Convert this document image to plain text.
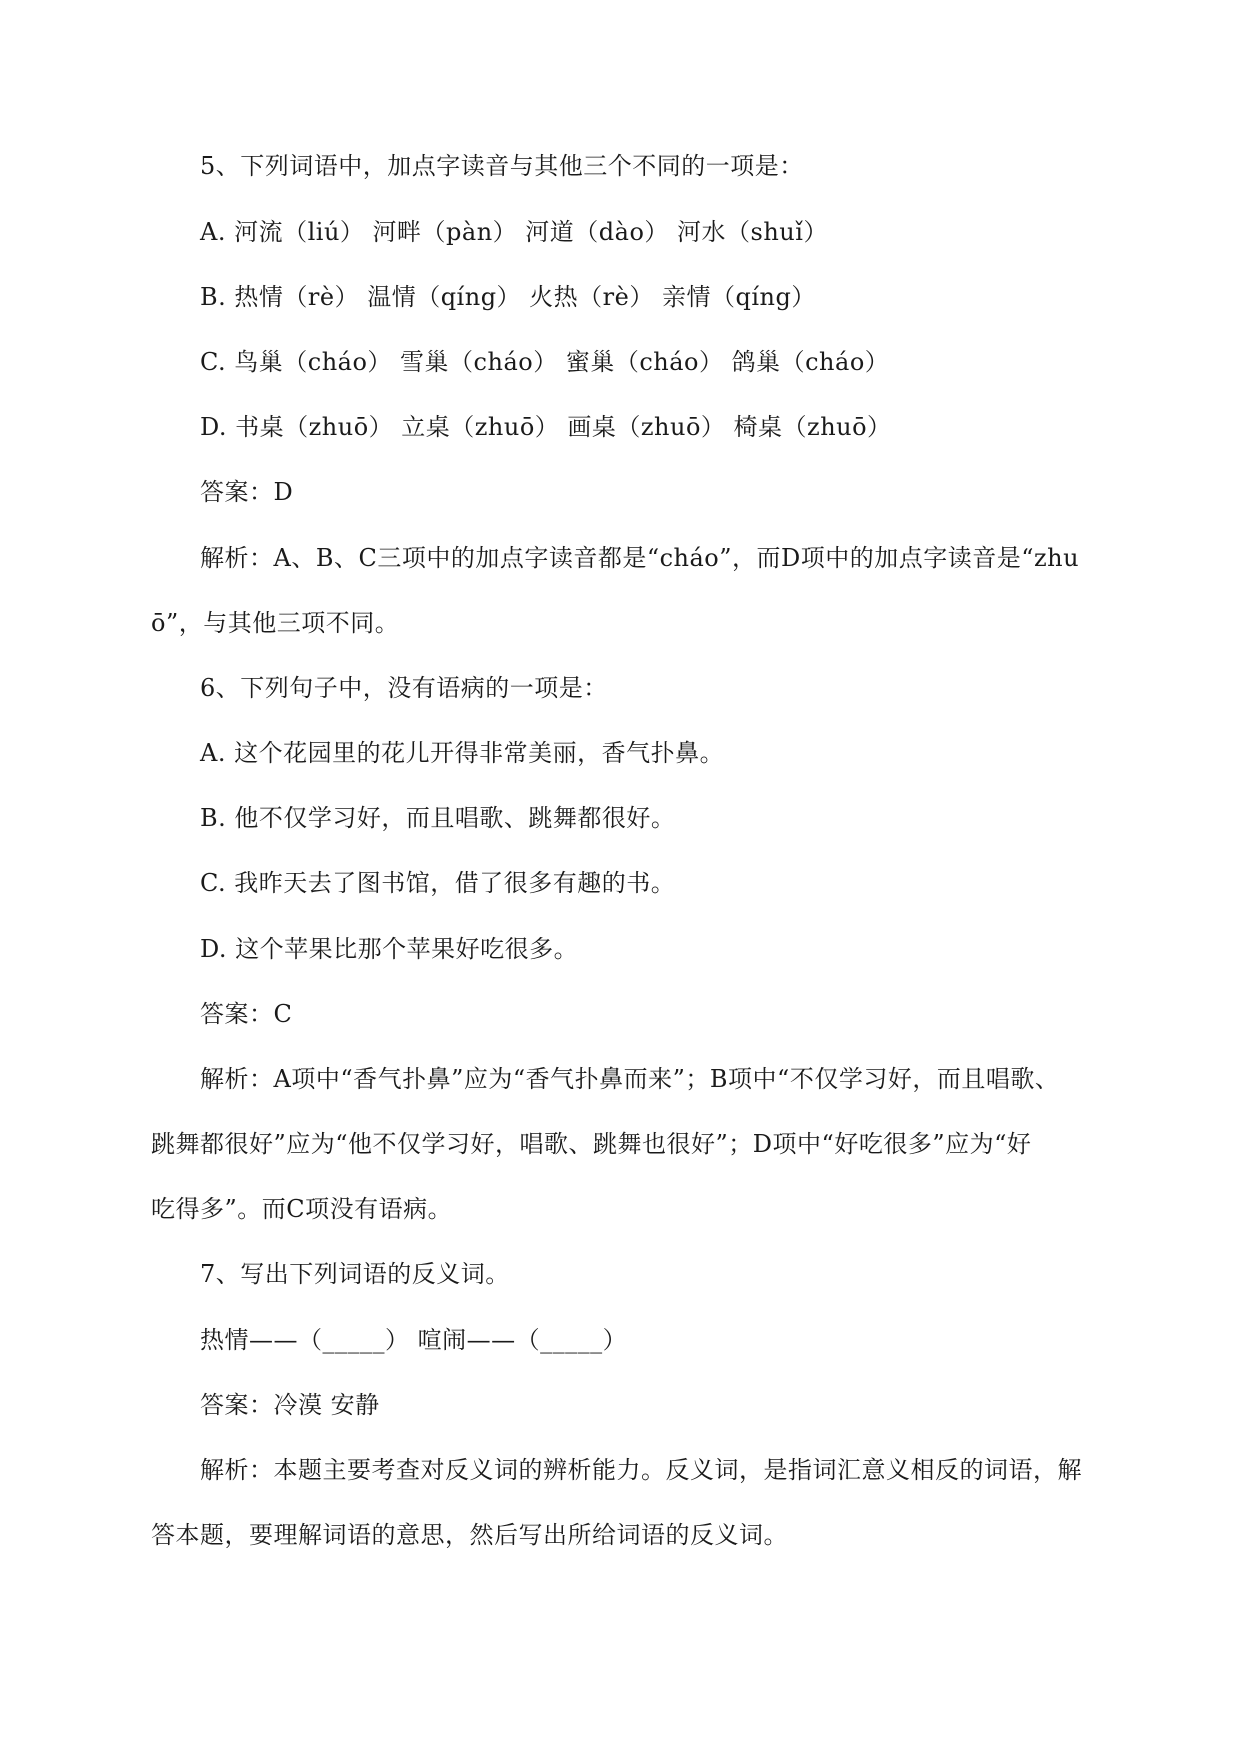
5、下列词语中，加点字读音与其他三个不同的一项是：

A. 河流（liú） 河畔（pàn） 河道（dào） 河水（shuǐ）

B. 热情（rè） 温情（qíng） 火热（rè） 亲情（qíng）

C. 鸟巢（cháo） 雪巢（cháo） 蜜巢（cháo） 鸽巢（cháo）

D. 书桌（zhuō） 立桌（zhuō） 画桌（zhuō） 椅桌（zhuō）

答案：D

解析：A、B、C三项中的加点字读音都是“cháo”，而D项中的加点字读音是“zhu

ō”，与其他三项不同。

6、下列句子中，没有语病的一项是：

A. 这个花园里的花儿开得非常美丽，香气扑鼻。

B. 他不仅学习好，而且唱歌、跳舞都很好。

C. 我昨天去了图书馆，借了很多有趣的书。

D. 这个苹果比那个苹果好吃很多。

答案：C

解析：A项中“香气扑鼻”应为“香气扑鼻而来”；B项中“不仅学习好，而且唱歌、

跳舞都很好”应为“他不仅学习好，唱歌、跳舞也很好”；D项中“好吃很多”应为“好

吃得多”。而C项没有语病。

7、写出下列词语的反义词。

热情——（_____） 喧闹——（_____）

答案：冷漠 安静

解析：本题主要考查对反义词的辨析能力。反义词，是指词汇意义相反的词语，解

答本题，要理解词语的意思，然后写出所给词语的反义词。
